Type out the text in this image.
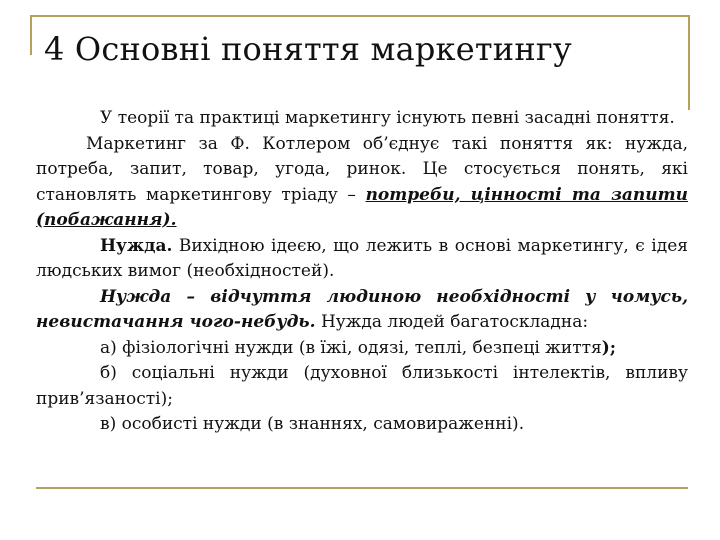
4 Основні поняття маркетингу

У теорії та практиці маркетингу існують певні засадні поняття.

Маркетинг за Ф. Котлером об’єднує такі поняття як: нужда, потреба, запит, товар, угода, ринок. Це стосується понять, які становлять маркетингову тріаду – потреби, цінності та запити (побажання).

Нужда. Вихідною ідеєю, що лежить в основі маркетингу, є ідея людських вимог (необхідностей).

Нужда – відчуття людиною необхідності у чомусь, невистачання чого-небудь. Нужда людей багатоскладна:

а) фізіологічні нужди (в їжі, одязі, теплі, безпеці життя);

б) соціальні нужди (духовної близькості інтелектів, впливу прив’язаності);

в) особисті нужди (в знаннях, самовираженні).
